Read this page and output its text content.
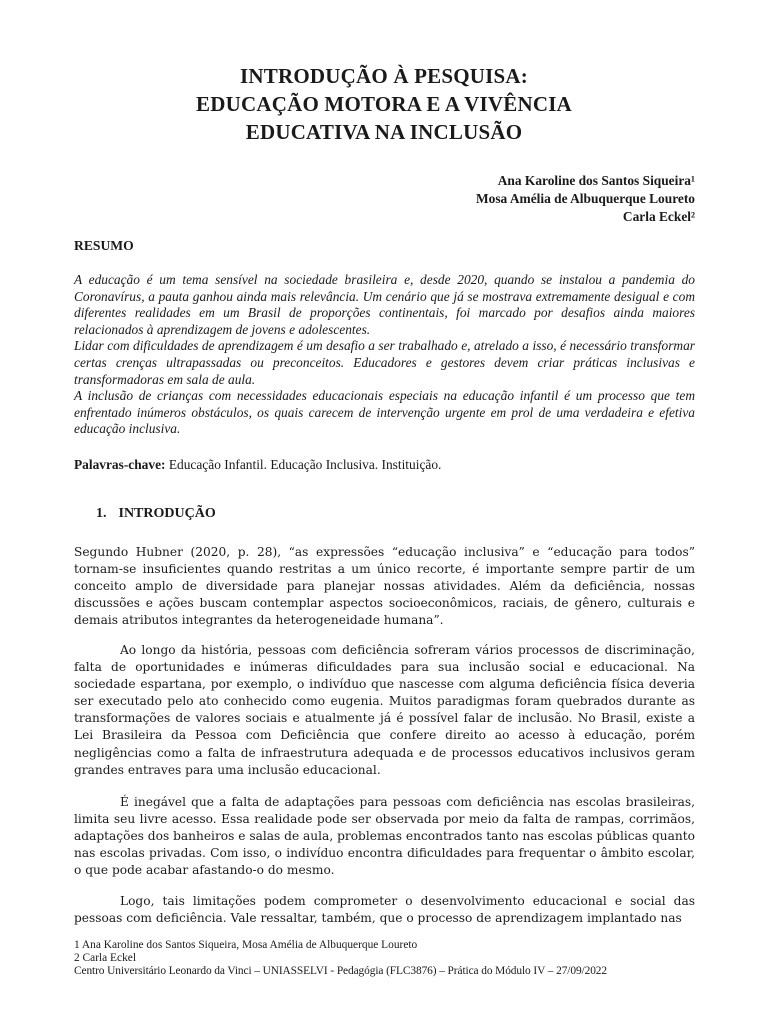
INTRODUÇÃO À PESQUISA:
EDUCAÇÃO MOTORA E A VIVÊNCIA
EDUCATIVA NA INCLUSÃO
Ana Karoline dos Santos Siqueira¹
Mosa Amélia de Albuquerque Loureto
Carla Eckel²
RESUMO

A educação é um tema sensível na sociedade brasileira e, desde 2020, quando se instalou a pandemia do Coronavírus, a pauta ganhou ainda mais relevância. Um cenário que já se mostrava extremamente desigual e com diferentes realidades em um Brasil de proporções continentais, foi marcado por desafios ainda maiores relacionados à aprendizagem de jovens e adolescentes.

Lidar com dificuldades de aprendizagem é um desafio a ser trabalhado e, atrelado a isso, é necessário transformar certas crenças ultrapassadas ou preconceitos. Educadores e gestores devem criar práticas inclusivas e transformadoras em sala de aula.

A inclusão de crianças com necessidades educacionais especiais na educação infantil é um processo que tem enfrentado inúmeros obstáculos, os quais carecem de intervenção urgente em prol de uma verdadeira e efetiva educação inclusiva.

Palavras-chave: Educação Infantil. Educação Inclusiva. Instituição.
1. INTRODUÇÃO

Segundo Hubner (2020, p. 28), “as expressões “educação inclusiva” e “educação para todos” tornam-se insuficientes quando restritas a um único recorte, é importante sempre partir de um conceito amplo de diversidade para planejar nossas atividades. Além da deficiência, nossas discussões e ações buscam contemplar aspectos socioeconômicos, raciais, de gênero, culturais e demais atributos integrantes da heterogeneidade humana”.

Ao longo da história, pessoas com deficiência sofreram vários processos de discriminação, falta de oportunidades e inúmeras dificuldades para sua inclusão social e educacional. Na sociedade espartana, por exemplo, o indivíduo que nascesse com alguma deficiência física deveria ser executado pelo ato conhecido como eugenia. Muitos paradigmas foram quebrados durante as transformações de valores sociais e atualmente já é possível falar de inclusão. No Brasil, existe a Lei Brasileira da Pessoa com Deficiência que confere direito ao acesso à educação, porém negligências como a falta de infraestrutura adequada e de processos educativos inclusivos geram grandes entraves para uma inclusão educacional.

É inegável que a falta de adaptações para pessoas com deficiência nas escolas brasileiras, limita seu livre acesso. Essa realidade pode ser observada por meio da falta de rampas, corrimãos, adaptações dos banheiros e salas de aula, problemas encontrados tanto nas escolas públicas quanto nas escolas privadas. Com isso, o indivíduo encontra dificuldades para frequentar o âmbito escolar, o que pode acabar afastando-o do mesmo.

Logo, tais limitações podem comprometer o desenvolvimento educacional e social das pessoas com deficiência. Vale ressaltar, também, que o processo de aprendizagem implantado nas

1 Ana Karoline dos Santos Siqueira, Mosa Amélia de Albuquerque Loureto
2 Carla Eckel
Centro Universitário Leonardo da Vinci – UNIASSELVI - Pedagógia (FLC3876) – Prática do Módulo IV – 27/09/2022
